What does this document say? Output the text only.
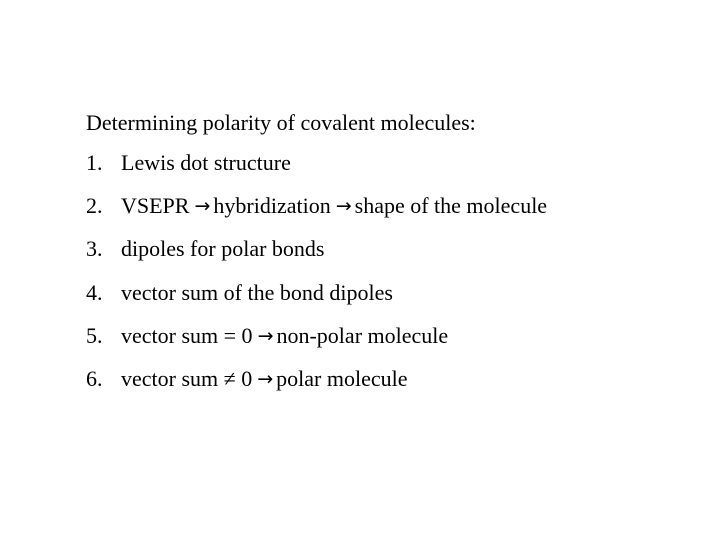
Determining polarity of covalent molecules:
1. Lewis dot structure
2. VSEPR → hybridization → shape of the molecule
3. dipoles for polar bonds
4. vector sum of the bond dipoles
5. vector sum = 0 → non-polar molecule
6. vector sum ≠ 0 → polar molecule
